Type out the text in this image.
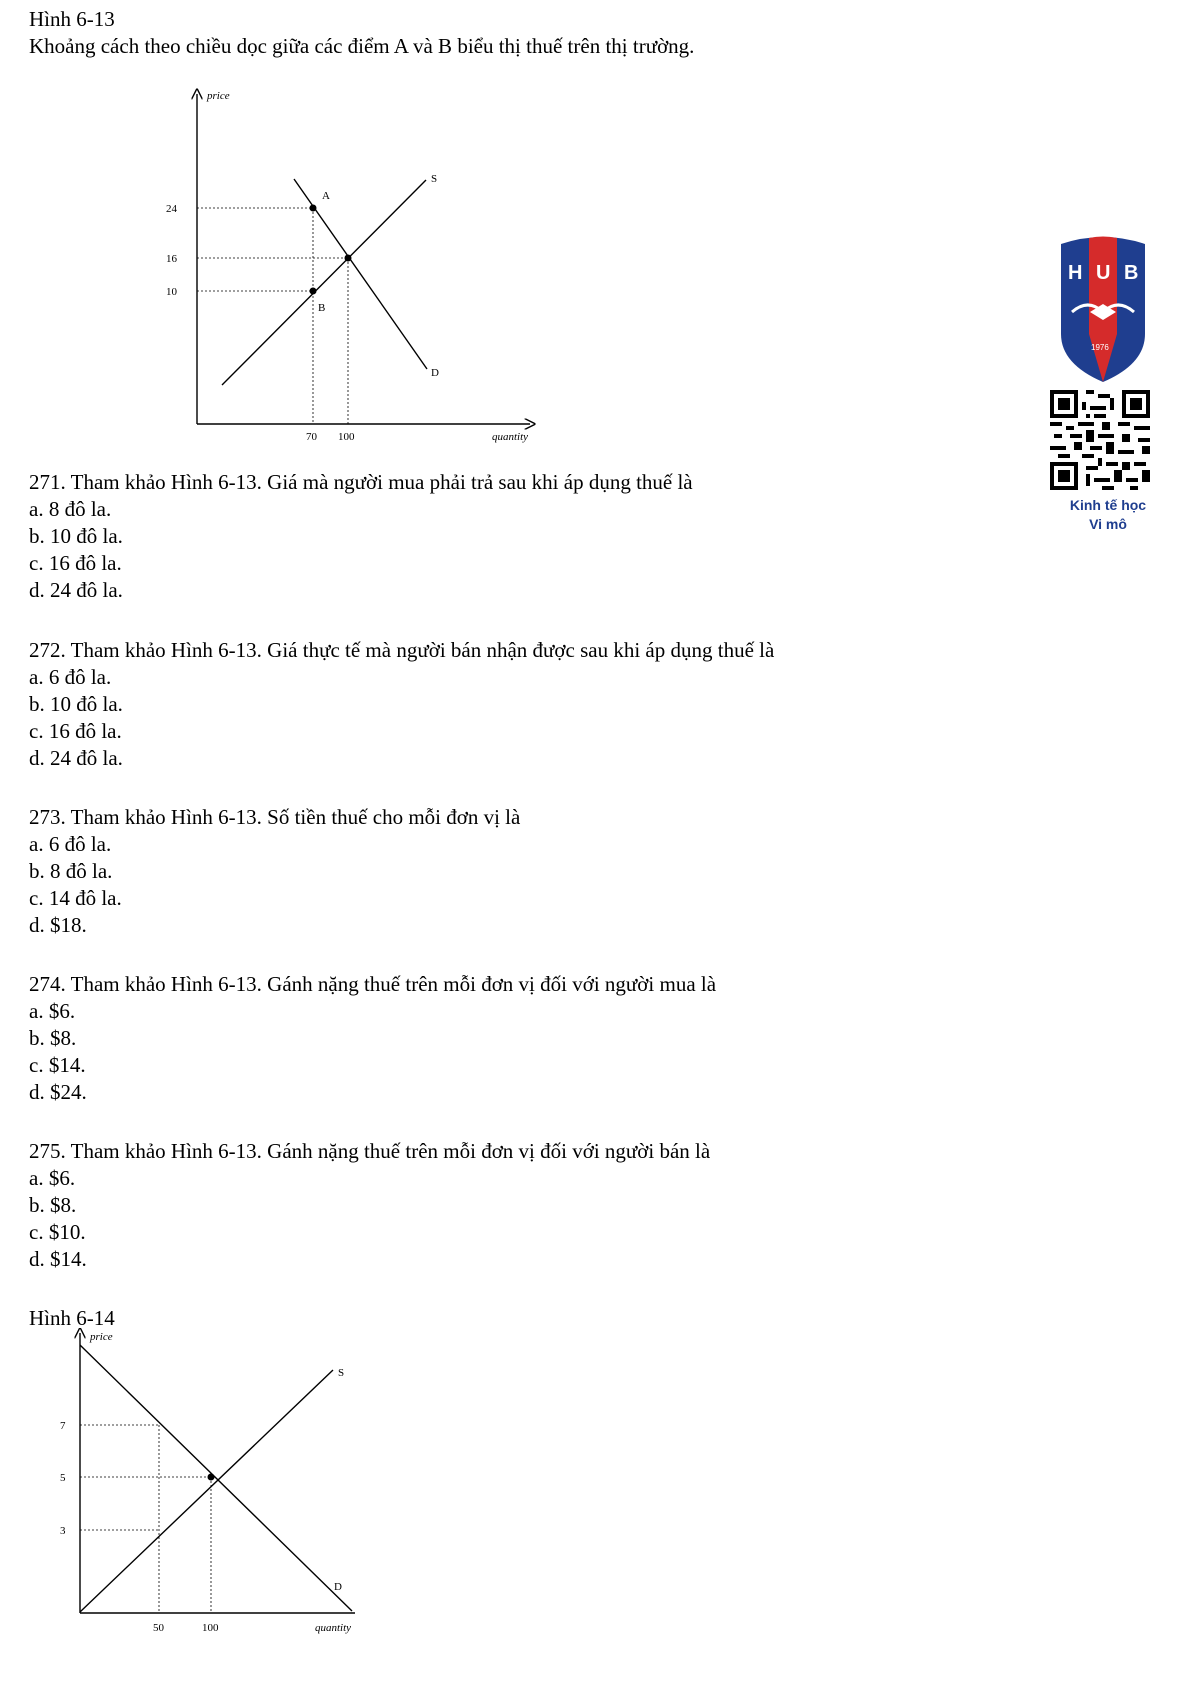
Hình 6-13
Khoảng cách theo chiều dọc giữa các điểm A và B biểu thị thuế trên thị trường.
price
quantity
S
D
A
B
24
16
10
70 100
271. Tham khảo Hình 6-13. Giá mà người mua phải trả sau khi áp dụng thuế là
a. 8 đô la.
b. 10 đô la.
c. 16 đô la.
d. 24 đô la.
272. Tham khảo Hình 6-13. Giá thực tế mà người bán nhận được sau khi áp dụng thuế là
a. 6 đô la.
b. 10 đô la.
c. 16 đô la.
d. 24 đô la.
273. Tham khảo Hình 6-13. Số tiền thuế cho mỗi đơn vị là
a. 6 đô la.
b. 8 đô la.
c. 14 đô la.
d. $18.
274. Tham khảo Hình 6-13. Gánh nặng thuế trên mỗi đơn vị đối với người mua là
a. $6.
b. $8.
c. $14.
d. $24.
275. Tham khảo Hình 6-13. Gánh nặng thuế trên mỗi đơn vị đối với người bán là
a. $6.
b. $8.
c. $10.
d. $14.
Hình 6-14
price
quantity
S
D
7
5
3
50	100
H U B
1976
Kinh tế học
Vi mô
